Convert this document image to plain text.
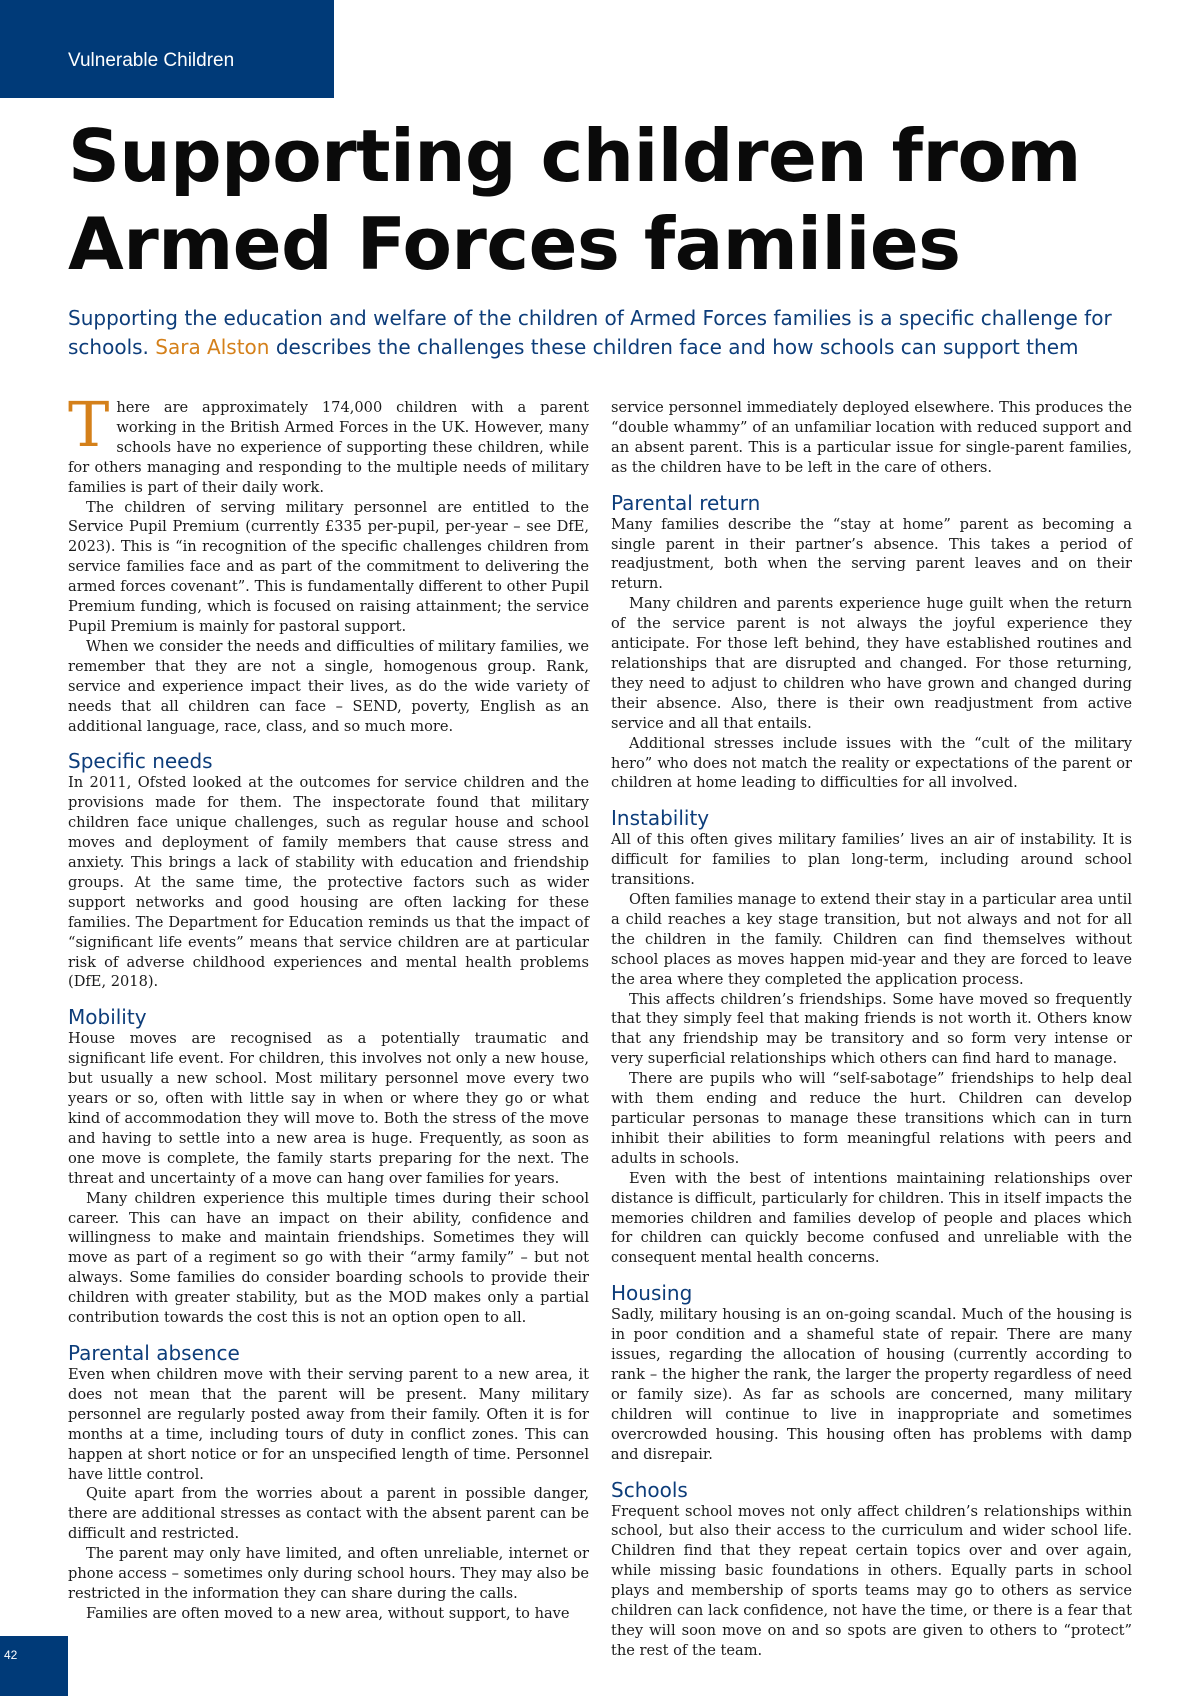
Vulnerable Children
Supporting children from Armed Forces families

Supporting the education and welfare of the children of Armed Forces families is a specific challenge for schools. Sara Alston describes the challenges these children face and how schools can support them

There are approximately 174,000 children with a parent working in the British Armed Forces in the UK. However, many schools have no experience of supporting these children, while for others managing and responding to the multiple needs of military families is part of their daily work.

The children of serving military personnel are entitled to the Service Pupil Premium (currently £335 per-pupil, per-year – see DfE, 2023). This is “in recognition of the specific challenges children from service families face and as part of the commitment to delivering the armed forces covenant”. This is fundamentally different to other Pupil Premium funding, which is focused on raising attainment; the service Pupil Premium is mainly for pastoral support.

When we consider the needs and difficulties of military families, we remember that they are not a single, homogenous group. Rank, service and experience impact their lives, as do the wide variety of needs that all children can face – SEND, poverty, English as an additional language, race, class, and so much more.

Specific needs

In 2011, Ofsted looked at the outcomes for service children and the provisions made for them. The inspectorate found that military children face unique challenges, such as regular house and school moves and deployment of family members that cause stress and anxiety. This brings a lack of stability with education and friendship groups. At the same time, the protective factors such as wider support networks and good housing are often lacking for these families. The Department for Education reminds us that the impact of “significant life events” means that service children are at particular risk of adverse childhood experiences and mental health problems (DfE, 2018).

Mobility

House moves are recognised as a potentially traumatic and significant life event. For children, this involves not only a new house, but usually a new school. Most military personnel move every two years or so, often with little say in when or where they go or what kind of accommodation they will move to. Both the stress of the move and having to settle into a new area is huge. Frequently, as soon as one move is complete, the family starts preparing for the next. The threat and uncertainty of a move can hang over families for years.

Many children experience this multiple times during their school career. This can have an impact on their ability, confidence and willingness to make and maintain friendships. Sometimes they will move as part of a regiment so go with their “army family” – but not always. Some families do consider boarding schools to provide their children with greater stability, but as the MOD makes only a partial contribution towards the cost this is not an option open to all.

Parental absence

Even when children move with their serving parent to a new area, it does not mean that the parent will be present. Many military personnel are regularly posted away from their family. Often it is for months at a time, including tours of duty in conflict zones. This can happen at short notice or for an unspecified length of time. Personnel have little control.

Quite apart from the worries about a parent in possible danger, there are additional stresses as contact with the absent parent can be difficult and restricted.

The parent may only have limited, and often unreliable, internet or phone access – sometimes only during school hours. They may also be restricted in the information they can share during the calls.

Families are often moved to a new area, without support, to have

service personnel immediately deployed elsewhere. This produces the “double whammy” of an unfamiliar location with reduced support and an absent parent. This is a particular issue for single-parent families, as the children have to be left in the care of others.

Parental return

Many families describe the “stay at home” parent as becoming a single parent in their partner’s absence. This takes a period of readjustment, both when the serving parent leaves and on their return.

Many children and parents experience huge guilt when the return of the service parent is not always the joyful experience they anticipate. For those left behind, they have established routines and relationships that are disrupted and changed. For those returning, they need to adjust to children who have grown and changed during their absence. Also, there is their own readjustment from active service and all that entails.

Additional stresses include issues with the “cult of the military hero” who does not match the reality or expectations of the parent or children at home leading to difficulties for all involved.

Instability

All of this often gives military families’ lives an air of instability. It is difficult for families to plan long-term, including around school transitions.

Often families manage to extend their stay in a particular area until a child reaches a key stage transition, but not always and not for all the children in the family. Children can find themselves without school places as moves happen mid-year and they are forced to leave the area where they completed the application process.

This affects children’s friendships. Some have moved so frequently that they simply feel that making friends is not worth it. Others know that any friendship may be transitory and so form very intense or very superficial relationships which others can find hard to manage.

There are pupils who will “self-sabotage” friendships to help deal with them ending and reduce the hurt. Children can develop particular personas to manage these transitions which can in turn inhibit their abilities to form meaningful relations with peers and adults in schools.

Even with the best of intentions maintaining relationships over distance is difficult, particularly for children. This in itself impacts the memories children and families develop of people and places which for children can quickly become confused and unreliable with the consequent mental health concerns.

Housing

Sadly, military housing is an on-going scandal. Much of the housing is in poor condition and a shameful state of repair. There are many issues, regarding the allocation of housing (currently according to rank – the higher the rank, the larger the property regardless of need or family size). As far as schools are concerned, many military children will continue to live in inappropriate and sometimes overcrowded housing. This housing often has problems with damp and disrepair.

Schools

Frequent school moves not only affect children’s relationships within school, but also their access to the curriculum and wider school life. Children find that they repeat certain topics over and over again, while missing basic foundations in others. Equally parts in school plays and membership of sports teams may go to others as service children can lack confidence, not have the time, or there is a fear that they will soon move on and so spots are given to others to “protect” the rest of the team.

42
